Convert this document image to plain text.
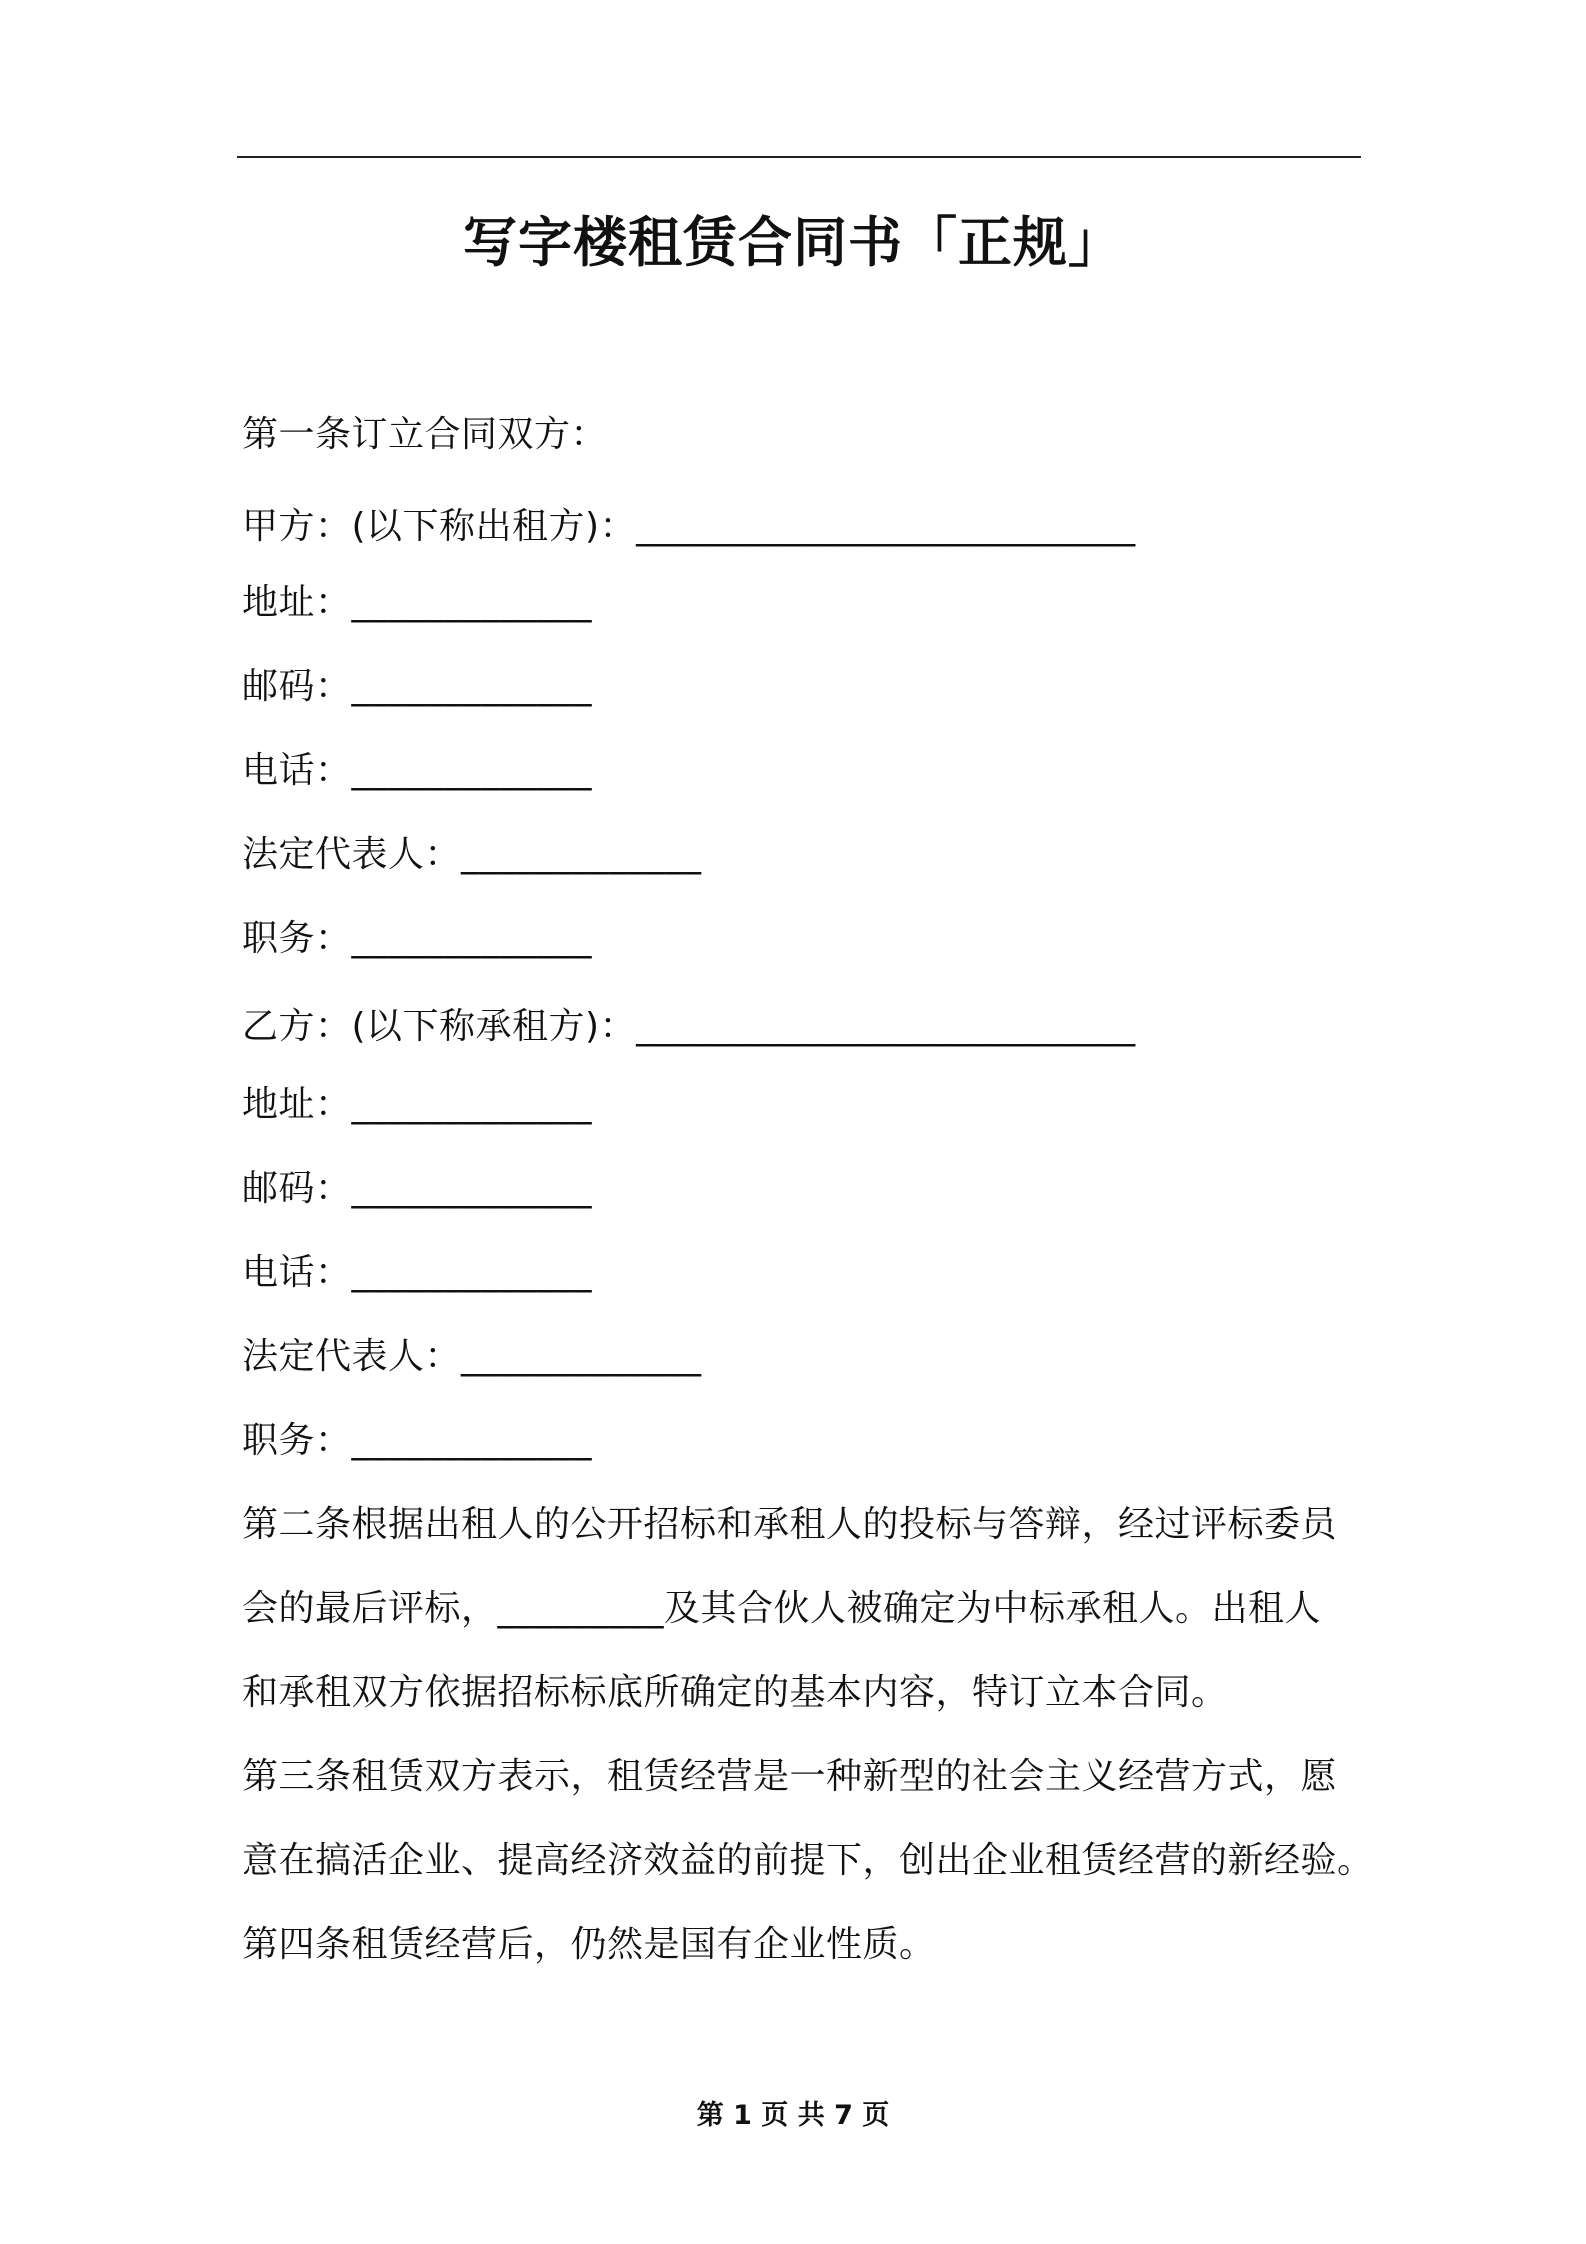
写字楼租赁合同书「正规」
第一条订立合同双方：
甲方：(以下称出租方)：___________________________
地址：_____________
邮码：_____________
电话：_____________
法定代表人：_____________
职务：_____________
乙方：(以下称承租方)：___________________________
地址：_____________
邮码：_____________
电话：_____________
法定代表人：_____________
职务：_____________
第二条根据出租人的公开招标和承租人的投标与答辩，经过评标委员
会的最后评标，_________及其合伙人被确定为中标承租人。出租人
和承租双方依据招标标底所确定的基本内容，特订立本合同。
第三条租赁双方表示，租赁经营是一种新型的社会主义经营方式，愿
意在搞活企业、提高经济效益的前提下，创出企业租赁经营的新经验。
第四条租赁经营后，仍然是国有企业性质。
第 1 页 共 7 页
